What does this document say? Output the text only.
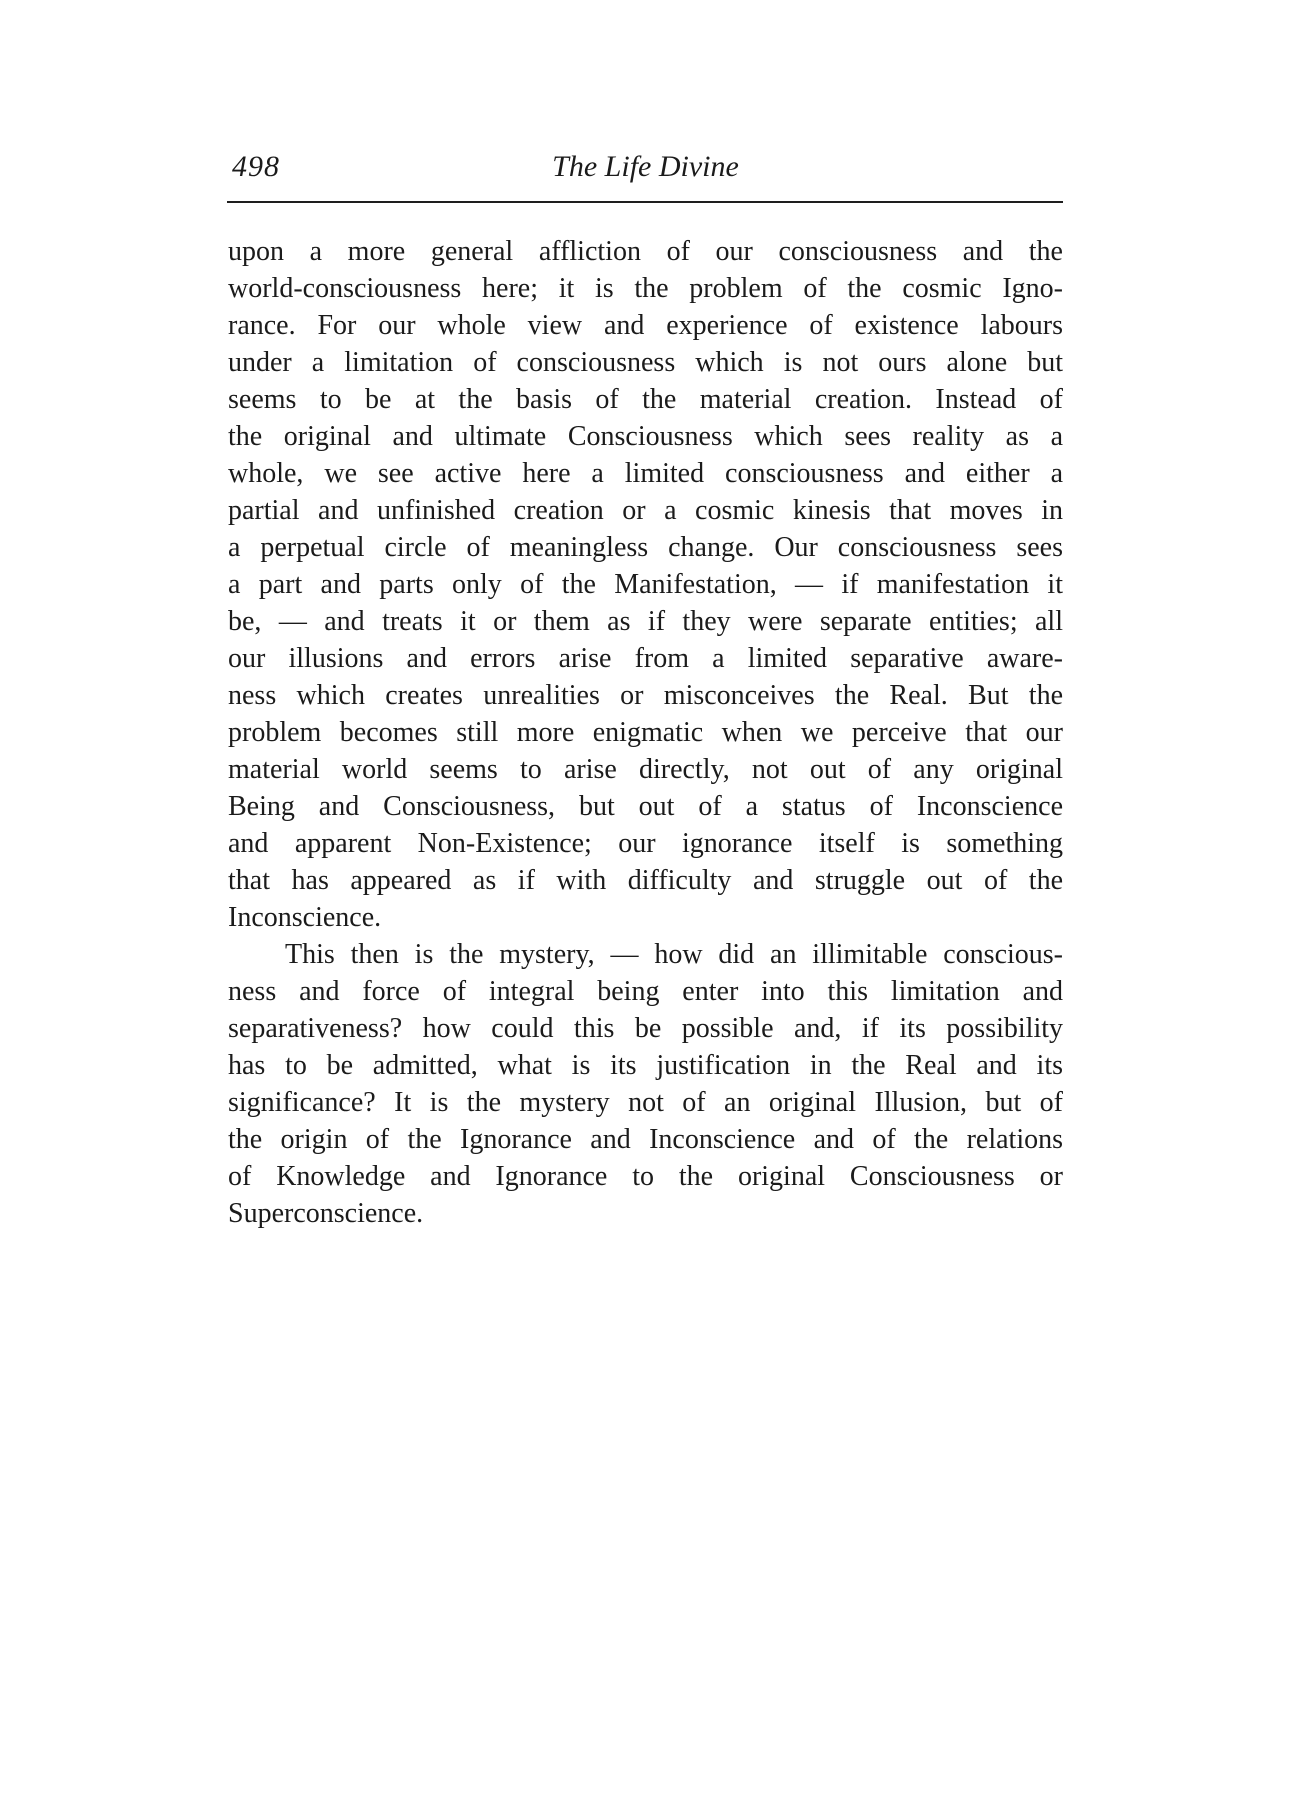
498	The Life Divine
upon a more general affliction of our consciousness and the
world-consciousness here; it is the problem of the cosmic Igno-
rance. For our whole view and experience of existence labours
under a limitation of consciousness which is not ours alone but
seems to be at the basis of the material creation. Instead of
the original and ultimate Consciousness which sees reality as a
whole, we see active here a limited consciousness and either a
partial and unfinished creation or a cosmic kinesis that moves in
a perpetual circle of meaningless change. Our consciousness sees
a part and parts only of the Manifestation, — if manifestation it
be, — and treats it or them as if they were separate entities; all
our illusions and errors arise from a limited separative aware-
ness which creates unrealities or misconceives the Real. But the
problem becomes still more enigmatic when we perceive that our
material world seems to arise directly, not out of any original
Being and Consciousness, but out of a status of Inconscience
and apparent Non-Existence; our ignorance itself is something
that has appeared as if with difficulty and struggle out of the
Inconscience.
This then is the mystery, — how did an illimitable conscious-
ness and force of integral being enter into this limitation and
separativeness? how could this be possible and, if its possibility
has to be admitted, what is its justification in the Real and its
significance? It is the mystery not of an original Illusion, but of
the origin of the Ignorance and Inconscience and of the relations
of Knowledge and Ignorance to the original Consciousness or
Superconscience.
